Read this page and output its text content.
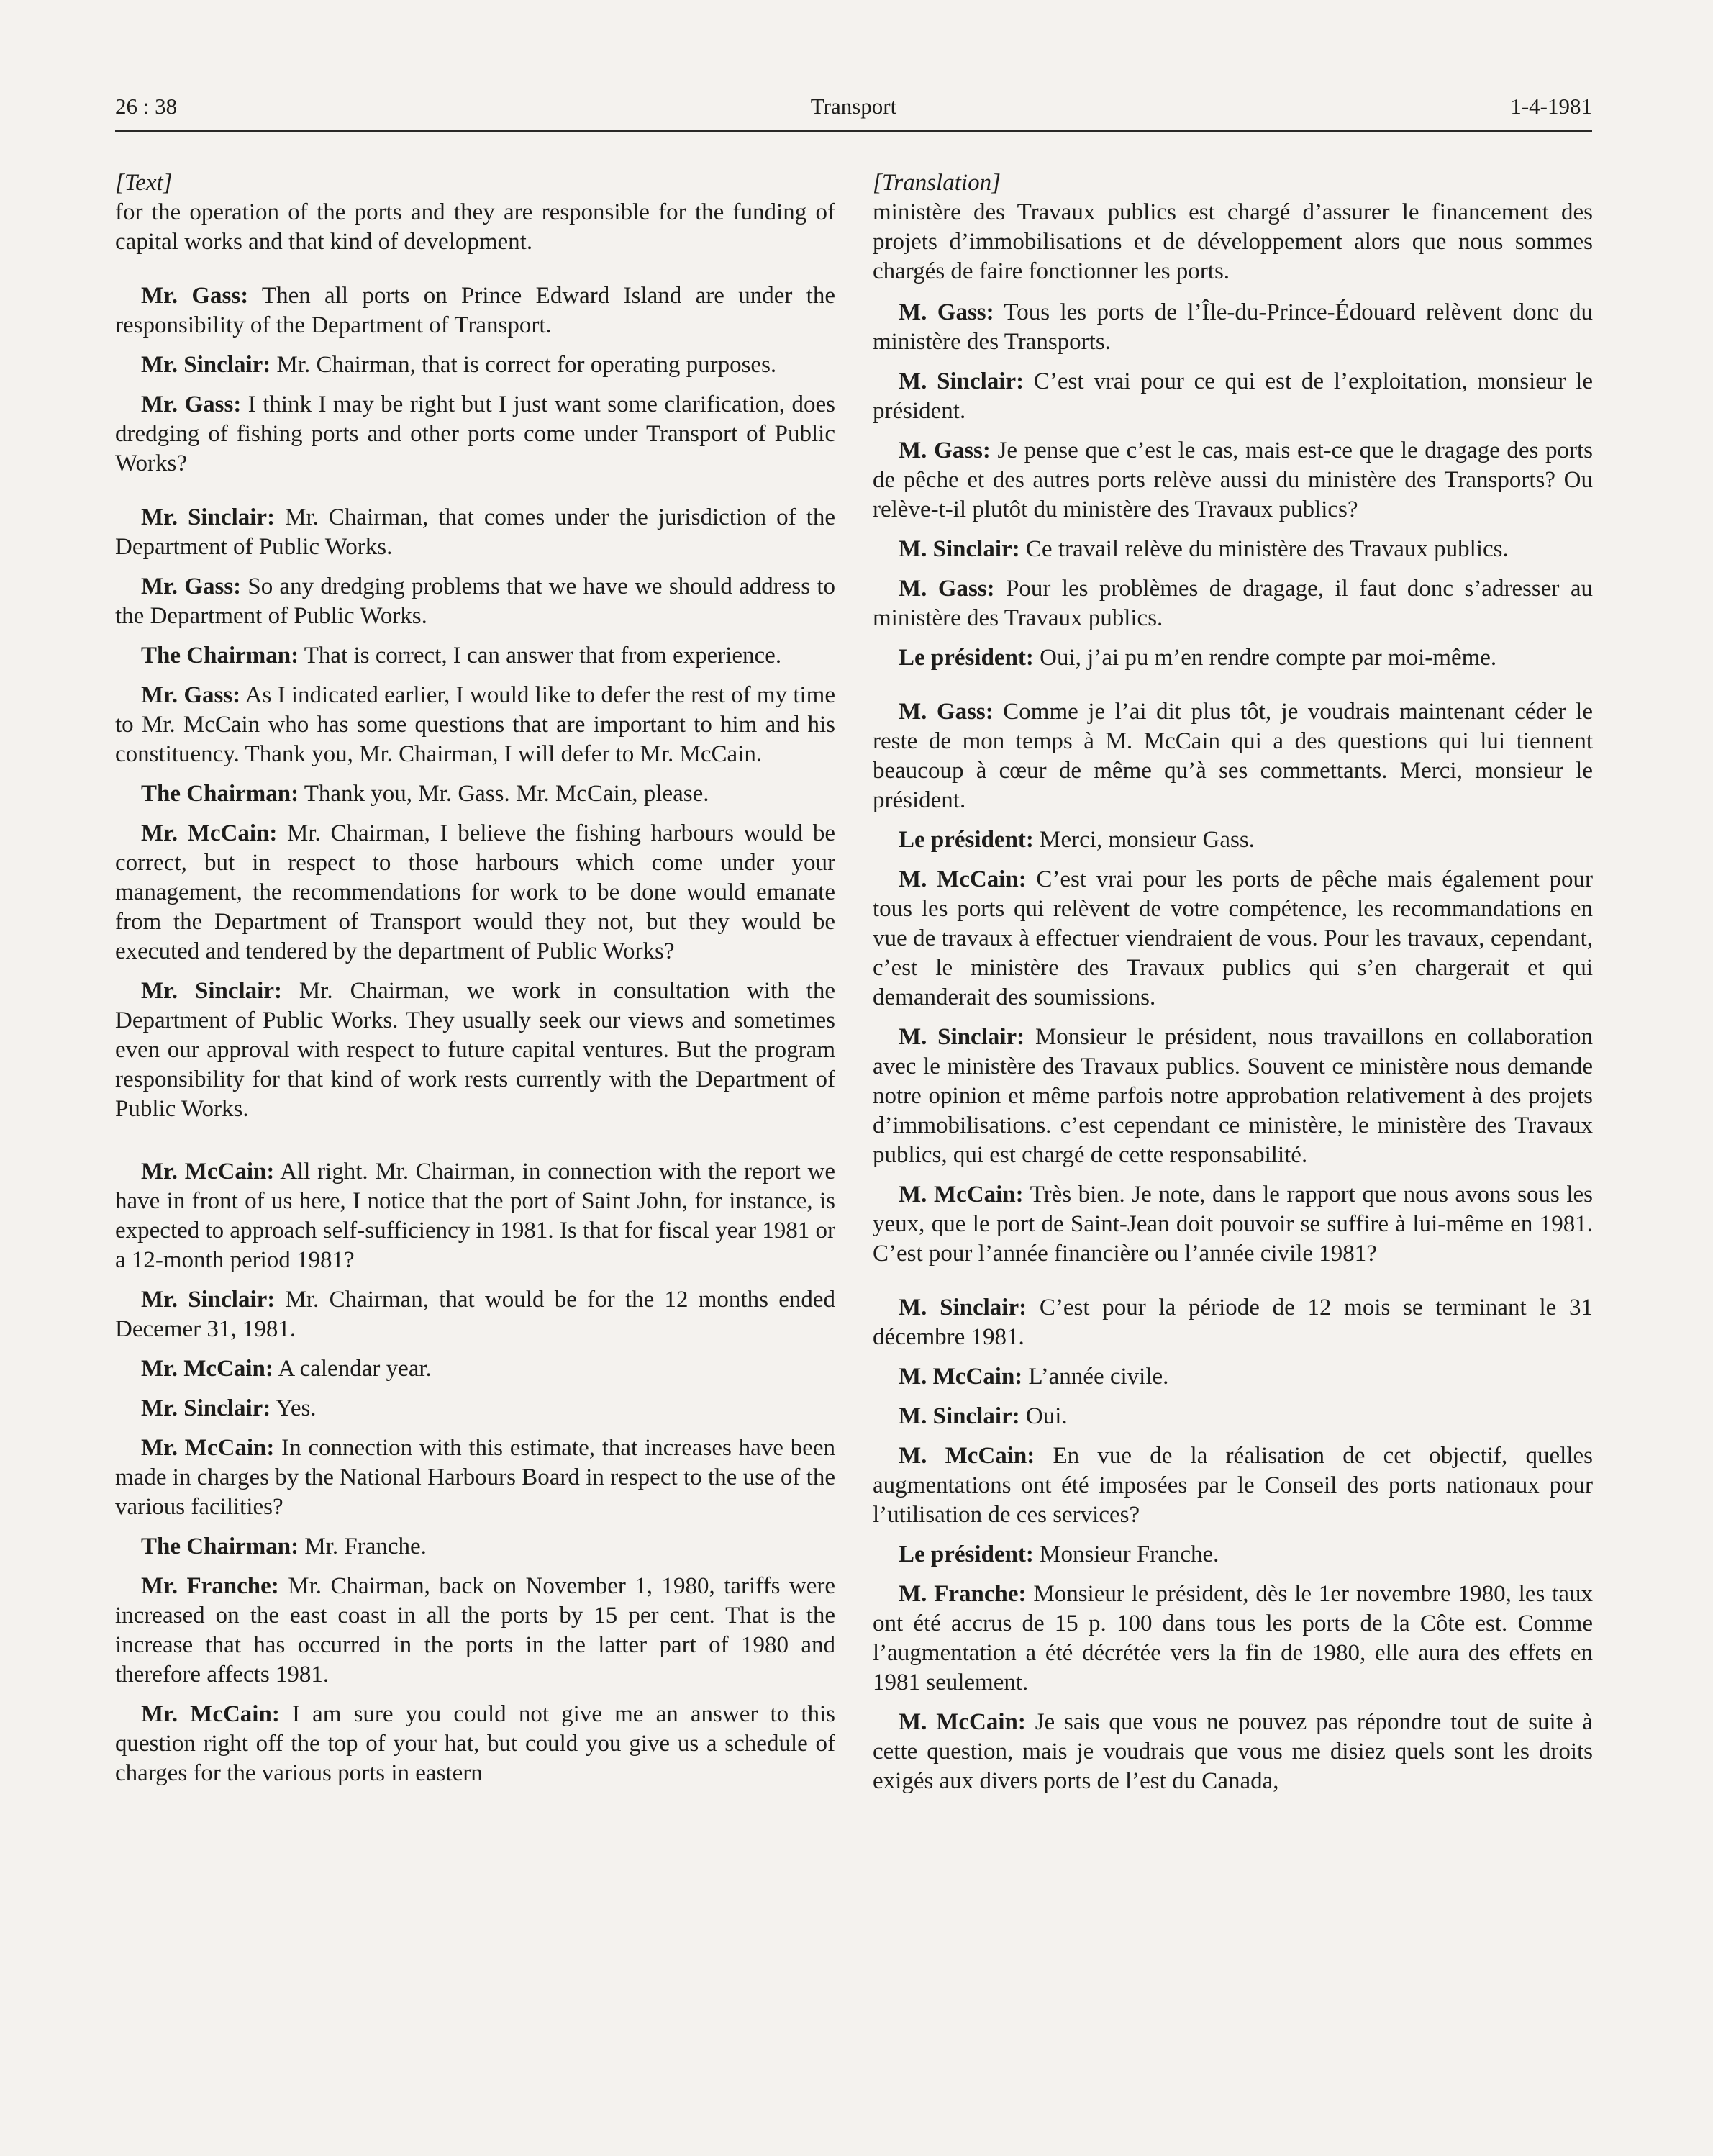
26 : 38	Transport	1-4-1981

[Text]

for the operation of the ports and they are responsible for the funding of capital works and that kind of development.

Mr. Gass: Then all ports on Prince Edward Island are under the responsibility of the Department of Transport.

Mr. Sinclair: Mr. Chairman, that is correct for operating purposes.

Mr. Gass: I think I may be right but I just want some clarification, does dredging of fishing ports and other ports come under Transport of Public Works?

Mr. Sinclair: Mr. Chairman, that comes under the jurisdiction of the Department of Public Works.

Mr. Gass: So any dredging problems that we have we should address to the Department of Public Works.

The Chairman: That is correct, I can answer that from experience.

Mr. Gass: As I indicated earlier, I would like to defer the rest of my time to Mr. McCain who has some questions that are important to him and his constituency. Thank you, Mr. Chairman, I will defer to Mr. McCain.

The Chairman: Thank you, Mr. Gass. Mr. McCain, please.

Mr. McCain: Mr. Chairman, I believe the fishing harbours would be correct, but in respect to those harbours which come under your management, the recommendations for work to be done would emanate from the Department of Transport would they not, but they would be executed and tendered by the department of Public Works?

Mr. Sinclair: Mr. Chairman, we work in consultation with the Department of Public Works. They usually seek our views and sometimes even our approval with respect to future capital ventures. But the program responsibility for that kind of work rests currently with the Department of Public Works.

Mr. McCain: All right. Mr. Chairman, in connection with the report we have in front of us here, I notice that the port of Saint John, for instance, is expected to approach self-sufficiency in 1981. Is that for fiscal year 1981 or a 12-month period 1981?

Mr. Sinclair: Mr. Chairman, that would be for the 12 months ended Decemer 31, 1981.

Mr. McCain: A calendar year.

Mr. Sinclair: Yes.

Mr. McCain: In connection with this estimate, that increases have been made in charges by the National Harbours Board in respect to the use of the various facilities?

The Chairman: Mr. Franche.

Mr. Franche: Mr. Chairman, back on November 1, 1980, tariffs were increased on the east coast in all the ports by 15 per cent. That is the increase that has occurred in the ports in the latter part of 1980 and therefore affects 1981.

Mr. McCain: I am sure you could not give me an answer to this question right off the top of your hat, but could you give us a schedule of charges for the various ports in eastern

[Translation]

ministère des Travaux publics est chargé d’assurer le financement des projets d’immobilisations et de développement alors que nous sommes chargés de faire fonctionner les ports.

M. Gass: Tous les ports de l’Île-du-Prince-Édouard relèvent donc du ministère des Transports.

M. Sinclair: C’est vrai pour ce qui est de l’exploitation, monsieur le président.

M. Gass: Je pense que c’est le cas, mais est-ce que le dragage des ports de pêche et des autres ports relève aussi du ministère des Transports? Ou relève-t-il plutôt du ministère des Travaux publics?

M. Sinclair: Ce travail relève du ministère des Travaux publics.

M. Gass: Pour les problèmes de dragage, il faut donc s’adresser au ministère des Travaux publics.

Le président: Oui, j’ai pu m’en rendre compte par moi-même.

M. Gass: Comme je l’ai dit plus tôt, je voudrais maintenant céder le reste de mon temps à M. McCain qui a des questions qui lui tiennent beaucoup à cœur de même qu’à ses commettants. Merci, monsieur le président.

Le président: Merci, monsieur Gass.

M. McCain: C’est vrai pour les ports de pêche mais également pour tous les ports qui relèvent de votre compétence, les recommandations en vue de travaux à effectuer viendraient de vous. Pour les travaux, cependant, c’est le ministère des Travaux publics qui s’en chargerait et qui demanderait des soumissions.

M. Sinclair: Monsieur le président, nous travaillons en collaboration avec le ministère des Travaux publics. Souvent ce ministère nous demande notre opinion et même parfois notre approbation relativement à des projets d’immobilisations. c’est cependant ce ministère, le ministère des Travaux publics, qui est chargé de cette responsabilité.

M. McCain: Très bien. Je note, dans le rapport que nous avons sous les yeux, que le port de Saint-Jean doit pouvoir se suffire à lui-même en 1981. C’est pour l’année financière ou l’année civile 1981?

M. Sinclair: C’est pour la période de 12 mois se terminant le 31 décembre 1981.

M. McCain: L’année civile.

M. Sinclair: Oui.

M. McCain: En vue de la réalisation de cet objectif, quelles augmentations ont été imposées par le Conseil des ports nationaux pour l’utilisation de ces services?

Le président: Monsieur Franche.

M. Franche: Monsieur le président, dès le 1er novembre 1980, les taux ont été accrus de 15 p. 100 dans tous les ports de la Côte est. Comme l’augmentation a été décrétée vers la fin de 1980, elle aura des effets en 1981 seulement.

M. McCain: Je sais que vous ne pouvez pas répondre tout de suite à cette question, mais je voudrais que vous me disiez quels sont les droits exigés aux divers ports de l’est du Canada,
